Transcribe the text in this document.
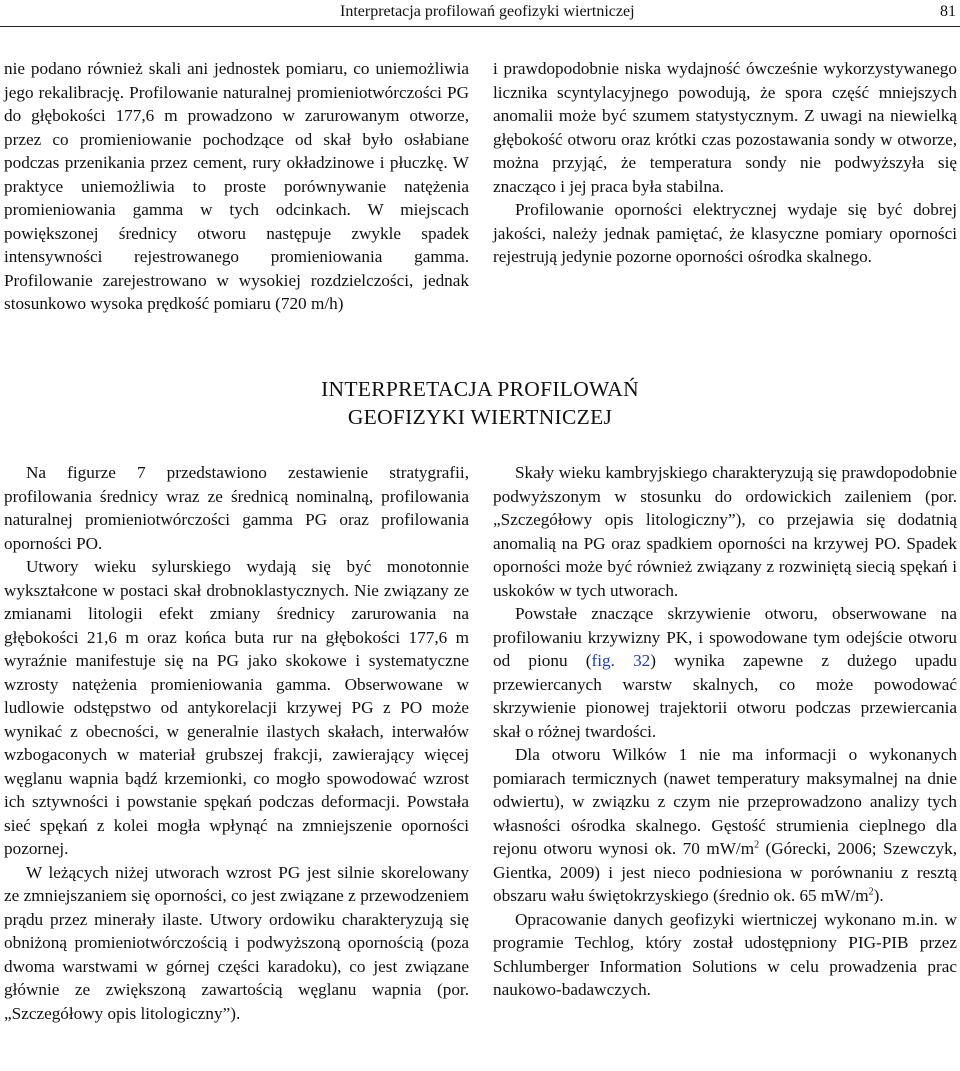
Interpretacja profilowań geofizyki wiertniczej	81

nie podano również skali ani jednostek pomiaru, co uniemożliwia jego rekalibrację. Profilowanie naturalnej promieniotwórczości PG do głębokości 177,6 m prowadzono w zarurowanym otworze, przez co promieniowanie pochodzące od skał było osłabiane podczas przenikania przez cement, rury okładzinowe i płuczkę. W praktyce uniemożliwia to proste porównywanie natężenia promieniowania gamma w tych odcinkach. W miejscach powiększonej średnicy otworu następuje zwykle spadek intensywności rejestrowanego promieniowania gamma. Profilowanie zarejestrowano w wysokiej rozdzielczości, jednak stosunkowo wysoka prędkość pomiaru (720 m/h)

i prawdopodobnie niska wydajność ówcześnie wykorzystywanego licznika scyntylacyjnego powodują, że spora część mniejszych anomalii może być szumem statystycznym. Z uwagi na niewielką głębokość otworu oraz krótki czas pozostawania sondy w otworze, można przyjąć, że temperatura sondy nie podwyższyła się znacząco i jej praca była stabilna.

Profilowanie oporności elektrycznej wydaje się być dobrej jakości, należy jednak pamiętać, że klasyczne pomiary oporności rejestrują jedynie pozorne oporności ośrodka skalnego.

INTERPRETACJA PROFILOWAŃ
GEOFIZYKI WIERTNICZEJ

Na figurze 7 przedstawiono zestawienie stratygrafii, profilowania średnicy wraz ze średnicą nominalną, profilowania naturalnej promieniotwórczości gamma PG oraz profilowania oporności PO.

Utwory wieku sylurskiego wydają się być monotonnie wykształcone w postaci skał drobnoklastycznych. Nie związany ze zmianami litologii efekt zmiany średnicy zarurowania na głębokości 21,6 m oraz końca buta rur na głębokości 177,6 m wyraźnie manifestuje się na PG jako skokowe i systematyczne wzrosty natężenia promieniowania gamma. Obserwowane w ludlowie odstępstwo od antykorelacji krzywej PG z PO może wynikać z obecności, w generalnie ilastych skałach, interwałów wzbogaconych w materiał grubszej frakcji, zawierający więcej węglanu wapnia bądź krzemionki, co mogło spowodować wzrost ich sztywności i powstanie spękań podczas deformacji. Powstała sieć spękań z kolei mogła wpłynąć na zmniejszenie oporności pozornej.

W leżących niżej utworach wzrost PG jest silnie skorelowany ze zmniejszaniem się oporności, co jest związane z przewodzeniem prądu przez minerały ilaste. Utwory ordowiku charakteryzują się obniżoną promieniotwórczością i podwyższoną opornością (poza dwoma warstwami w górnej części karadoku), co jest związane głównie ze zwiększoną zawartością węglanu wapnia (por. „Szczegółowy opis litologiczny”).

Skały wieku kambryjskiego charakteryzują się prawdopodobnie podwyższonym w stosunku do ordowickich zaileniem (por. „Szczegółowy opis litologiczny”), co przejawia się dodatnią anomalią na PG oraz spadkiem oporności na krzywej PO. Spadek oporności może być również związany z rozwiniętą siecią spękań i uskoków w tych utworach.

Powstałe znaczące skrzywienie otworu, obserwowane na profilowaniu krzywizny PK, i spowodowane tym odejście otworu od pionu (fig. 32) wynika zapewne z dużego upadu przewiercanych warstw skalnych, co może powodować skrzywienie pionowej trajektorii otworu podczas przewiercania skał o różnej twardości.

Dla otworu Wilków 1 nie ma informacji o wykonanych pomiarach termicznych (nawet temperatury maksymalnej na dnie odwiertu), w związku z czym nie przeprowadzono analizy tych własności ośrodka skalnego. Gęstość strumienia cieplnego dla rejonu otworu wynosi ok. 70 $mW/m^2$ (Górecki, 2006; Szewczyk, Gientka, 2009) i jest nieco podniesiona w porównaniu z resztą obszaru wału świętokrzyskiego (średnio ok. 65 $mW/m^2$).

Opracowanie danych geofizyki wiertniczej wykonano m.in. w programie Techlog, który został udostępniony PIG-PIB przez Schlumberger Information Solutions w celu prowadzenia prac naukowo-badawczych.
